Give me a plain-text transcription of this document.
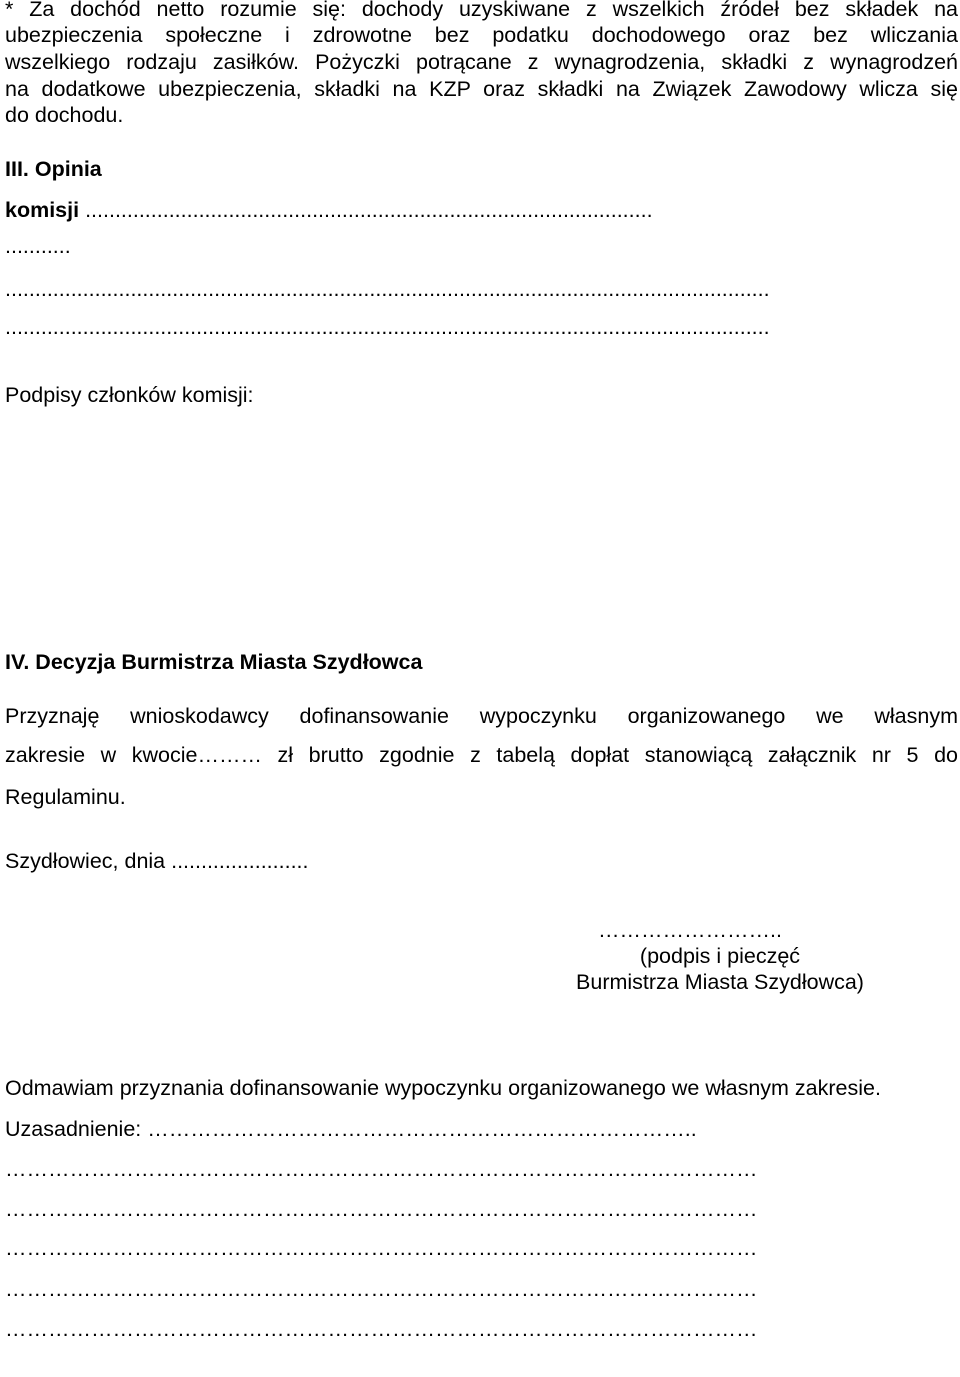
* Za dochód netto rozumie się: dochody uzyskiwane z wszelkich źródeł bez składek na
ubezpieczenia społeczne i zdrowotne bez podatku dochodowego oraz bez wliczania
wszelkiego rodzaju zasiłków. Pożyczki potrącane z wynagrodzenia, składki z wynagrodzeń
na dodatkowe ubezpieczenia, składki na KZP oraz składki na Związek Zawodowy wlicza się
do dochodu.
III. Opinia
komisji ...............................................................................................
...........
................................................................................................................................
................................................................................................................................
Podpisy członków komisji:
IV. Decyzja Burmistrza Miasta Szydłowca
Przyznaję wnioskodawcy dofinansowanie wypoczynku organizowanego we własnym
zakresie w kwocie……… zł brutto zgodnie z tabelą dopłat stanowiącą załącznik nr 5 do
Regulaminu.
Szydłowiec, dnia .......................
……………………..
(podpis i pieczęć
Burmistrza Miasta Szydłowca)
Odmawiam przyznania dofinansowanie wypoczynku organizowanego we własnym zakresie.
Uzasadnienie: …………………………………………………………………..
……………………………………………………………………………………………
……………………………………………………………………………………………
……………………………………………………………………………………………
……………………………………………………………………………………………
……………………………………………………………………………………………
